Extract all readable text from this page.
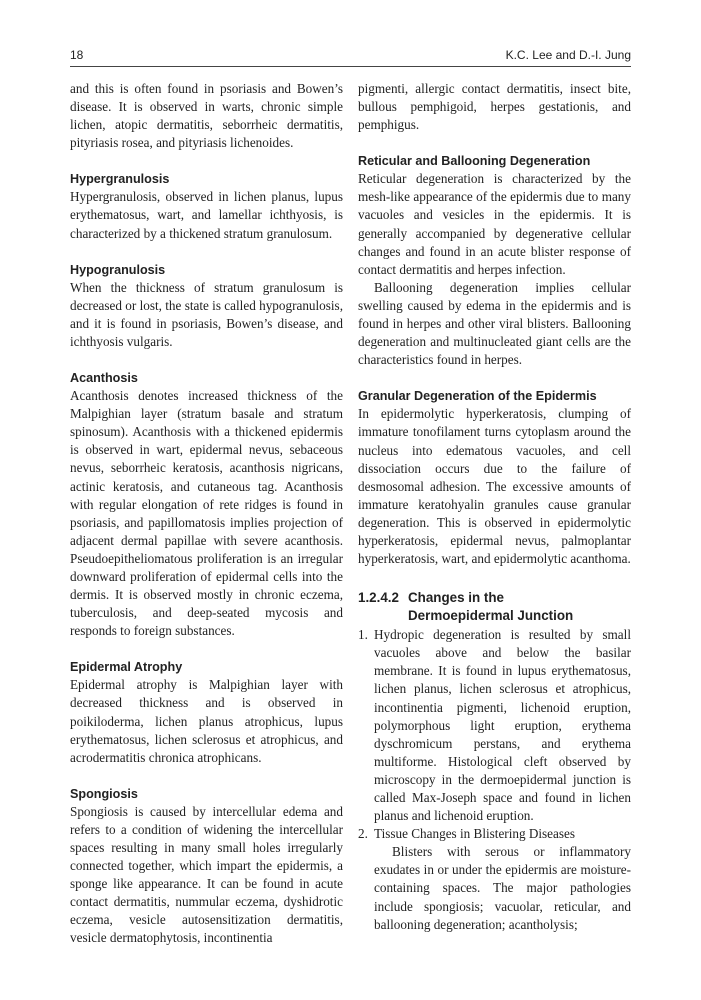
18	K.C. Lee and D.-I. Jung

and this is often found in psoriasis and Bowen’s disease. It is observed in warts, chronic simple lichen, atopic dermatitis, seborrheic dermatitis, pityriasis rosea, and pityriasis lichenoides.

Hypergranulosis

Hypergranulosis, observed in lichen planus, lupus erythematosus, wart, and lamellar ichthyosis, is characterized by a thickened stratum granulosum.

Hypogranulosis

When the thickness of stratum granulosum is decreased or lost, the state is called hypogranulosis, and it is found in psoriasis, Bowen’s disease, and ichthyosis vulgaris.

Acanthosis

Acanthosis denotes increased thickness of the Malpighian layer (stratum basale and stratum spinosum). Acanthosis with a thickened epidermis is observed in wart, epidermal nevus, sebaceous nevus, seborrheic keratosis, acanthosis nigricans, actinic keratosis, and cutaneous tag. Acanthosis with regular elongation of rete ridges is found in psoriasis, and papillomatosis implies projection of adjacent dermal papillae with severe acanthosis. Pseudoepitheliomatous proliferation is an irregular downward proliferation of epidermal cells into the dermis. It is observed mostly in chronic eczema, tuberculosis, and deep-seated mycosis and responds to foreign substances.

Epidermal Atrophy

Epidermal atrophy is Malpighian layer with decreased thickness and is observed in poikiloderma, lichen planus atrophicus, lupus erythematosus, lichen sclerosus et atrophicus, and acrodermatitis chronica atrophicans.

Spongiosis

Spongiosis is caused by intercellular edema and refers to a condition of widening the intercellular spaces resulting in many small holes irregularly connected together, which impart the epidermis, a sponge like appearance. It can be found in acute contact dermatitis, nummular eczema, dyshidrotic eczema, vesicle autosensitization dermatitis, vesicle dermatophytosis, incontinentia

pigmenti, allergic contact dermatitis, insect bite, bullous pemphigoid, herpes gestationis, and pemphigus.

Reticular and Ballooning Degeneration

Reticular degeneration is characterized by the mesh-like appearance of the epidermis due to many vacuoles and vesicles in the epidermis. It is generally accompanied by degenerative cellular changes and found in an acute blister response of contact dermatitis and herpes infection.

Ballooning degeneration implies cellular swelling caused by edema in the epidermis and is found in herpes and other viral blisters. Ballooning degeneration and multinucleated giant cells are the characteristics found in herpes.

Granular Degeneration of the Epidermis

In epidermolytic hyperkeratosis, clumping of immature tonofilament turns cytoplasm around the nucleus into edematous vacuoles, and cell dissociation occurs due to the failure of desmosomal adhesion. The excessive amounts of immature keratohyalin granules cause granular degeneration. This is observed in epidermolytic hyperkeratosis, epidermal nevus, palmoplantar hyperkeratosis, wart, and epidermolytic acanthoma.

1.2.4.2 Changes in the
Dermoepidermal Junction
1. Hydropic degeneration is resulted by small vacuoles above and below the basilar membrane. It is found in lupus erythematosus, lichen planus, lichen sclerosus et atrophicus, incontinentia pigmenti, lichenoid eruption, polymorphous light eruption, erythema dyschromicum perstans, and erythema multiforme. Histological cleft observed by microscopy in the dermoepidermal junction is called Max-Joseph space and found in lichen planus and lichenoid eruption.

2. Tissue Changes in Blistering Diseases

Blisters with serous or inflammatory exudates in or under the epidermis are moisture-containing spaces. The major pathologies include spongiosis; vacuolar, reticular, and ballooning degeneration; acantholysis;
